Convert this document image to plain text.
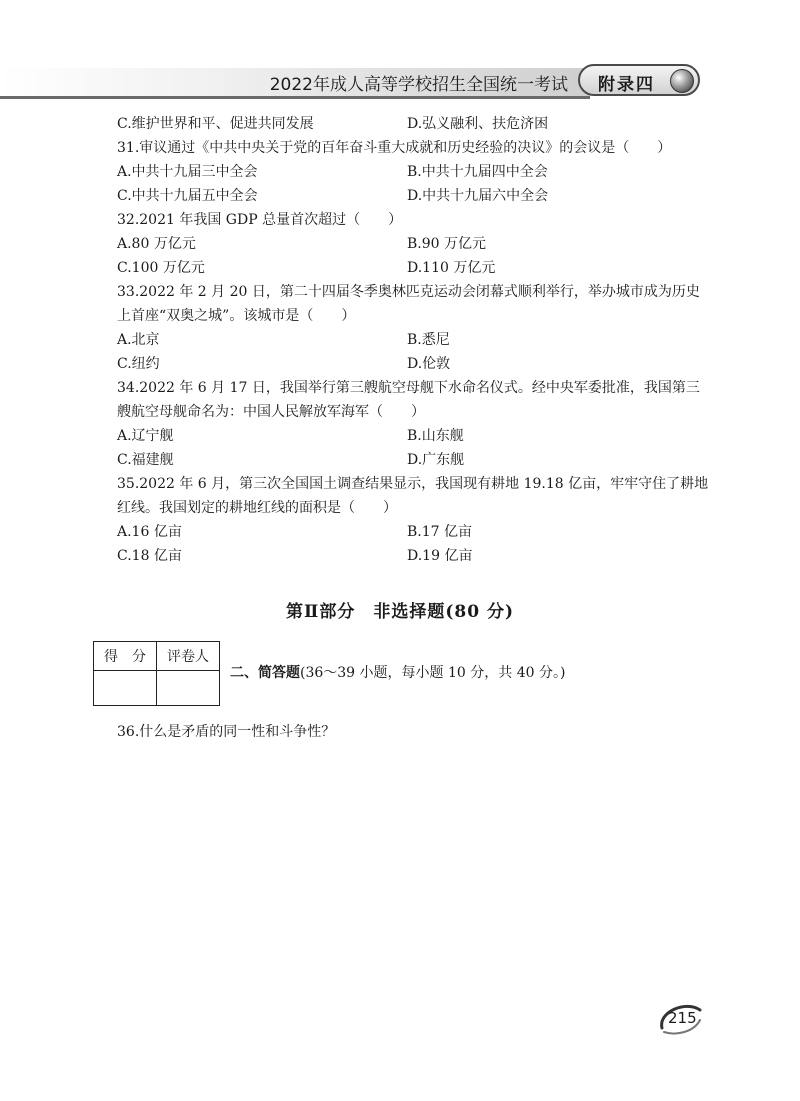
2022年成人高等学校招生全国统一考试 附录四
C.维护世界和平、促进共同发展	D.弘义融利、扶危济困
31.审议通过《中共中央关于党的百年奋斗重大成就和历史经验的决议》的会议是（　　）
A.中共十九届三中全会	B.中共十九届四中全会
C.中共十九届五中全会	D.中共十九届六中全会
32.2021 年我国 GDP 总量首次超过（　　）
A.80 万亿元	B.90 万亿元
C.100 万亿元	D.110 万亿元
33.2022 年 2 月 20 日，第二十四届冬季奥林匹克运动会闭幕式顺利举行，举办城市成为历史
上首座“双奥之城”。该城市是（　　）
A.北京	B.悉尼
C.纽约	D.伦敦
34.2022 年 6 月 17 日，我国举行第三艘航空母舰下水命名仪式。经中央军委批准，我国第三
艘航空母舰命名为：中国人民解放军海军（　　）
A.辽宁舰	B.山东舰
C.福建舰	D.广东舰
35.2022 年 6 月，第三次全国国土调查结果显示，我国现有耕地 19.18 亿亩，牢牢守住了耕地
红线。我国划定的耕地红线的面积是（　　）
A.16 亿亩	B.17 亿亩
C.18 亿亩	D.19 亿亩
第Ⅱ部分　非选择题(80 分)
得　分	评卷人

二、简答题(36～39 小题，每小题 10 分，共 40 分。)
36.什么是矛盾的同一性和斗争性？
215
